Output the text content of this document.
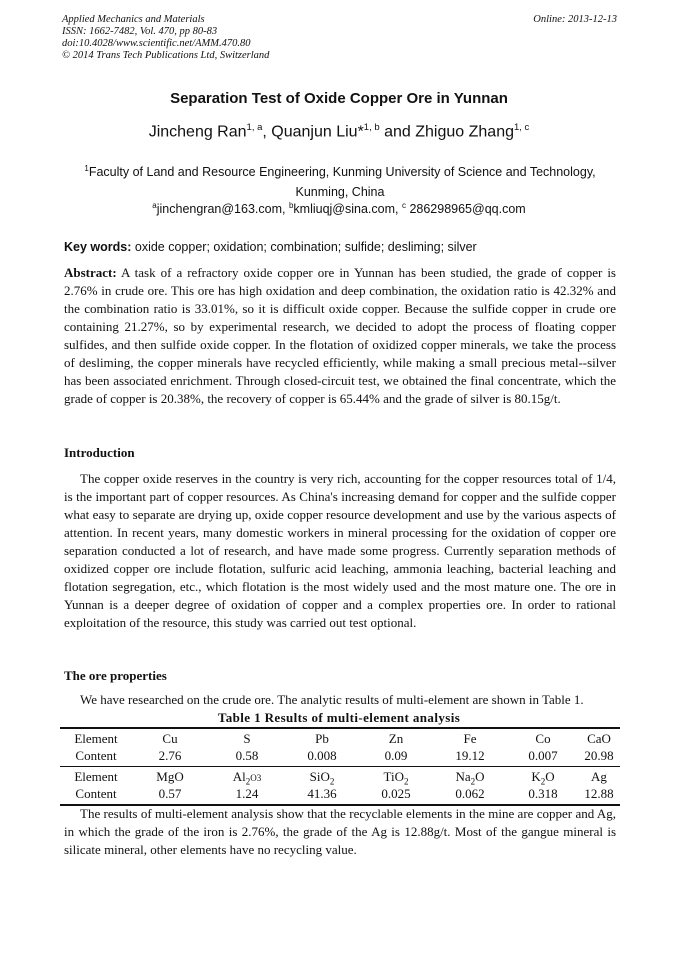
Applied Mechanics and Materials
ISSN: 1662-7482, Vol. 470, pp 80-83
doi:10.4028/www.scientific.net/AMM.470.80
© 2014 Trans Tech Publications Ltd, Switzerland
Online: 2013-12-13
Separation Test of Oxide Copper Ore in Yunnan
Jincheng Ran$^{1, a}$, Quanjun Liu*$^{1, b}$ and Zhiguo Zhang$^{1, c}$
$^1$Faculty of Land and Resource Engineering, Kunming University of Science and Technology, Kunming, China
$^a$jinchengran@163.com, $^b$kmliuqj@sina.com, $^c$ 286298965@qq.com
Key words: oxide copper; oxidation; combination; sulfide; desliming; silver
Abstract: A task of a refractory oxide copper ore in Yunnan has been studied, the grade of copper is 2.76% in crude ore. This ore has high oxidation and deep combination, the oxidation ratio is 42.32% and the combination ratio is 33.01%, so it is difficult oxide copper. Because the sulfide copper in crude ore containing 21.27%, so by experimental research, we decided to adopt the process of floating copper sulfides, and then sulfide oxide copper. In the flotation of oxidized copper minerals, we take the process of desliming, the copper minerals have recycled efficiently, while making a small precious metal--silver has been associated enrichment. Through closed-circuit test, we obtained the final concentrate, which the grade of copper is 20.38%, the recovery of copper is 65.44% and the grade of silver is 80.15g/t.
Introduction
The copper oxide reserves in the country is very rich, accounting for the copper resources total of 1/4, is the important part of copper resources. As China's increasing demand for copper and the sulfide copper what easy to separate are drying up, oxide copper resource development and use by the various aspects of attention. In recent years, many domestic workers in mineral processing for the oxidation of copper ore separation conducted a lot of research, and have made some progress. Currently separation methods of oxidized copper ore include flotation, sulfuric acid leaching, ammonia leaching, bacterial leaching and flotation segregation, etc., which flotation is the most widely used and the most mature one. The ore in Yunnan is a deeper degree of oxidation of copper and a complex properties ore. In order to rational exploitation of the resource, this study was carried out test optional.
The ore properties
We have researched on the crude ore. The analytic results of multi-element are shown in Table 1.
Table 1 Results of multi-element analysis
Element	Cu	S	Pb	Zn	Fe	Co	CaO
Content	2.76	0.58	0.008	0.09	19.12	0.007	20.98
Element	MgO	$Al_2O3$	SiO$_2$	TiO$_2$	$Na_2O$	$K_2O$	Ag
Content	0.57	1.24	41.36	0.025	0.062	0.318	12.88
The results of multi-element analysis show that the recyclable elements in the mine are copper and Ag, in which the grade of the iron is 2.76%, the grade of the Ag is 12.88g/t. Most of the gangue mineral is silicate mineral, other elements have no recycling value.
